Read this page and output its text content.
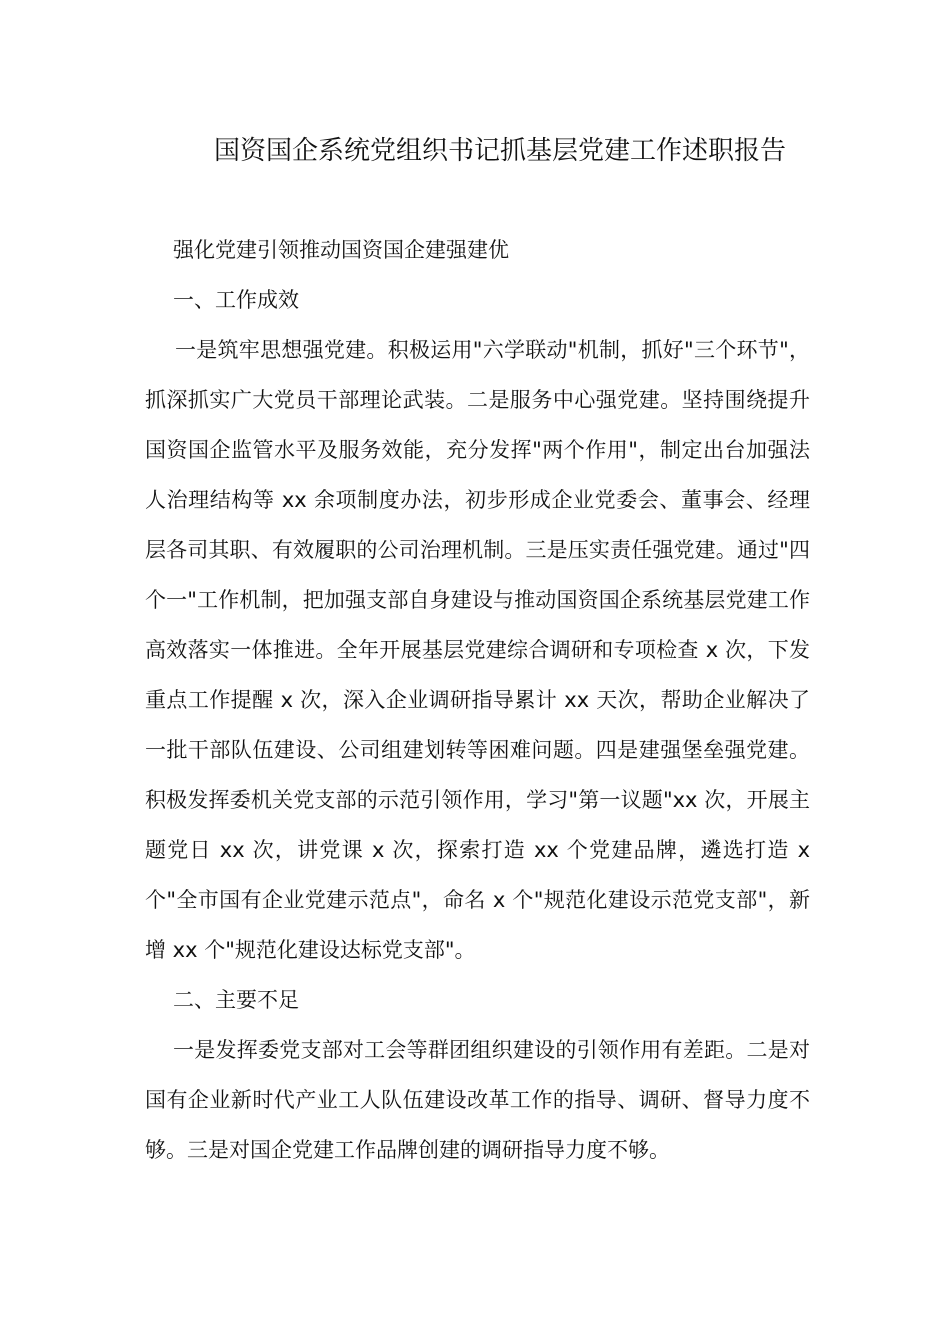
国资国企系统党组织书记抓基层党建工作述职报告

强化党建引领推动国资国企建强建优

一、工作成效

一是筑牢思想强党建。积极运用"六学联动"机制，抓好"三个环节"，抓深抓实广大党员干部理论武装。二是服务中心强党建。坚持围绕提升国资国企监管水平及服务效能，充分发挥"两个作用"，制定出台加强法人治理结构等 xx 余项制度办法，初步形成企业党委会、董事会、经理层各司其职、有效履职的公司治理机制。三是压实责任强党建。通过"四个一"工作机制，把加强支部自身建设与推动国资国企系统基层党建工作高效落实一体推进。全年开展基层党建综合调研和专项检查 x 次，下发重点工作提醒 x 次，深入企业调研指导累计 xx 天次，帮助企业解决了一批干部队伍建设、公司组建划转等困难问题。四是建强堡垒强党建。积极发挥委机关党支部的示范引领作用，学习"第一议题"xx 次，开展主题党日 xx 次，讲党课 x 次，探索打造 xx 个党建品牌，遴选打造 x 个"全市国有企业党建示范点"，命名 x 个"规范化建设示范党支部"，新增 xx 个"规范化建设达标党支部"。

二、主要不足

一是发挥委党支部对工会等群团组织建设的引领作用有差距。二是对国有企业新时代产业工人队伍建设改革工作的指导、调研、督导力度不够。三是对国企党建工作品牌创建的调研指导力度不够。
